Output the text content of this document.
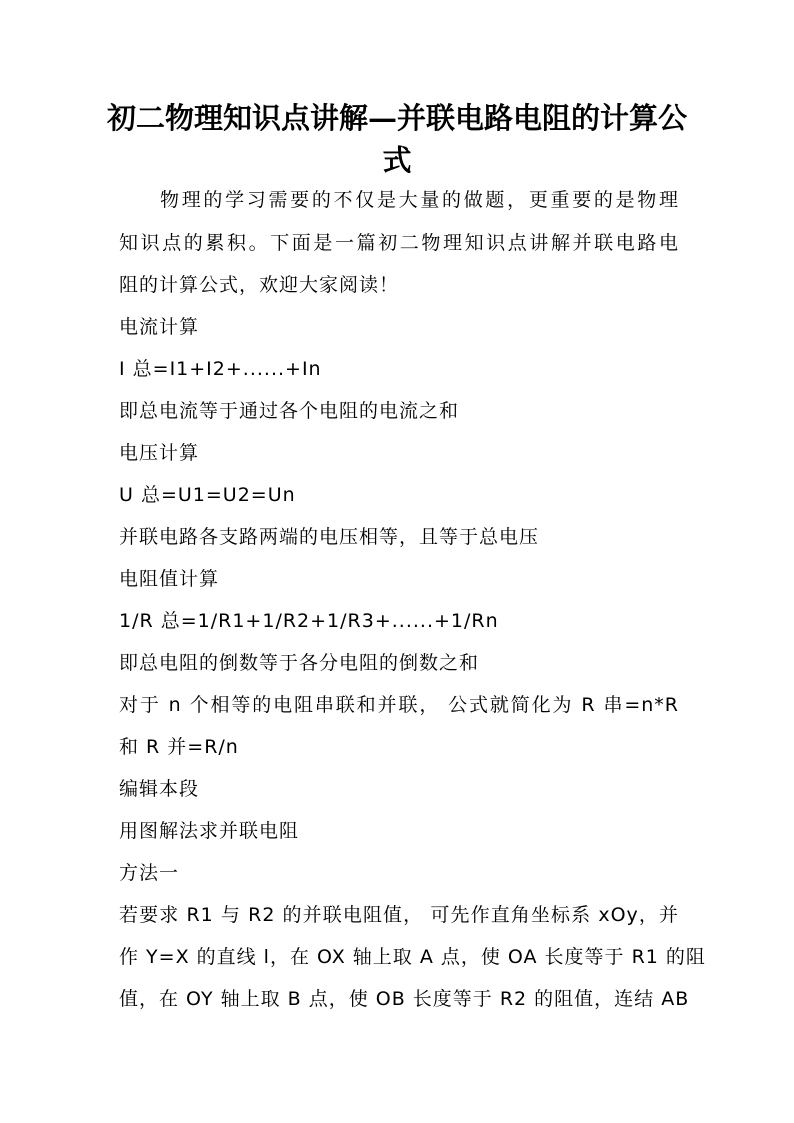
初二物理知识点讲解—并联电路电阻的计算公
式
物理的学习需要的不仅是大量的做题，更重要的是物理
知识点的累积。下面是一篇初二物理知识点讲解并联电路电
阻的计算公式，欢迎大家阅读！
电流计算
I 总=I1+I2+......+In
即总电流等于通过各个电阻的电流之和
电压计算
U 总=U1=U2=Un
并联电路各支路两端的电压相等，且等于总电压
电阻值计算
1/R 总=1/R1+1/R2+1/R3+......+1/Rn
即总电阻的倒数等于各分电阻的倒数之和
对于 n 个相等的电阻串联和并联， 公式就简化为 R 串=n*R
和 R 并=R/n
编辑本段
用图解法求并联电阻
方法一
若要求 R1 与 R2 的并联电阻值， 可先作直角坐标系 xOy，并
作 Y=X 的直线 l，在 OX 轴上取 A 点，使 OA 长度等于 R1 的阻
值，在 OY 轴上取 B 点，使 OB 长度等于 R2 的阻值，连结 AB
